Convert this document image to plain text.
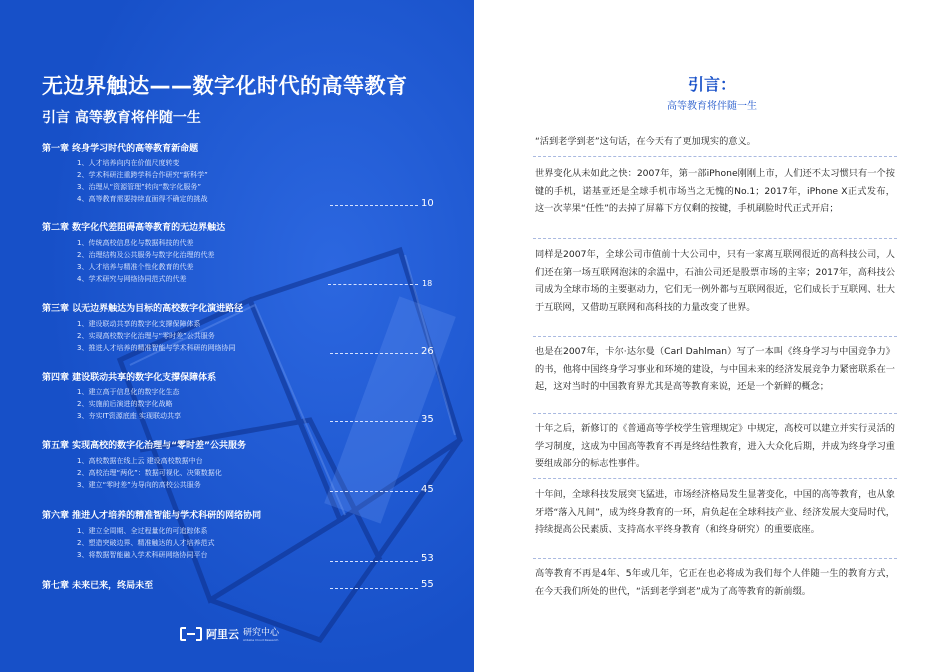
无边界触达——数字化时代的高等教育
引言 高等教育将伴随一生
第一章 终身学习时代的高等教育新命题
1、人才培养向内在价值尺度转变
2、学术科研注重跨学科合作研究“新科学”
3、治理从“资源管理”转向“数字化服务”
4、高等教育需要持续直面得不确定的挑战	10
第二章 数字化代差阻碍高等教育的无边界触达
1、传统高校信息化与数据科技的代差
2、治理结构及公共服务与数字化治理的代差
3、人才培养与精准个性化教育的代差
4、学术研究与网络协同范式的代差	18
第三章 以无边界触达为目标的高校数字化演进路径
1、建设联动共享的数字化支撑保障体系
2、实现高校数字化治理与“零时差”公共服务
3、推进人才培养的精准智能与学术科研的网络协同	26
第四章 建设联动共享的数字化支撑保障体系
1、建立高于信息化的数字化生态
2、实施前后演进的数字化战略
3、夯实IT资源底座 实现联动共享	35
第五章 实现高校的数字化治理与“零时差”公共服务
1、高校数据在线上云 建设高校数据中台
2、高校治理“两化”：数据可视化、决策数据化
3、建立“零时差”为导向的高校公共服务	45
第六章 推进人才培养的精准智能与学术科研的网络协同
1、建立全周期、全过程量化的可追踪体系
2、塑造突破边界、精准触达的人才培养范式
3、将数据智能融入学术科研网络协同平台	53
第七章 未来已来，终局未至	55
阿里云 研究中心
Alibaba Cloud Research
引言：
高等教育将伴随一生

“活到老学到老”这句话，在今天有了更加现实的意义。

世界变化从未如此之快：2007年，第一部iPhone刚刚上市，人们还不太习惯只有一个按键的手机，诺基亚还是全球手机市场当之无愧的No.1；2017年，iPhone X正式发布，这一次苹果“任性”的去掉了屏幕下方仅剩的按键，手机刷脸时代正式开启；

同样是2007年，全球公司市值前十大公司中，只有一家离互联网很近的高科技公司，人们还在第一场互联网泡沫的余温中，石油公司还是股票市场的主宰；2017年，高科技公司成为全球市场的主要驱动力，它们无一例外都与互联网很近，它们成长于互联网、壮大于互联网，又借助互联网和高科技的力量改变了世界。

也是在2007年，卡尔·达尔曼（Carl Dahlman）写了一本叫《终身学习与中国竞争力》的书，他将中国终身学习事业和环境的建设，与中国未来的经济发展竞争力紧密联系在一起，这对当时的中国教育界尤其是高等教育来说，还是一个新鲜的概念；

十年之后，新修订的《普通高等学校学生管理规定》中规定，高校可以建立并实行灵活的学习制度，这成为中国高等教育不再是终结性教育，进入大众化后期，并成为终身学习重要组成部分的标志性事件。

十年间，全球科技发展突飞猛进，市场经济格局发生显著变化，中国的高等教育，也从象牙塔“落入凡间”，成为终身教育的一环，肩负起在全球科技产业、经济发展大变局时代，持续提高公民素质、支持高水平终身教育（和终身研究）的重要底座。

高等教育不再是4年、5年或几年，它正在也必将成为我们每个人伴随一生的教育方式，在今天我们所处的世代，“活到老学到老”成为了高等教育的新前缀。
